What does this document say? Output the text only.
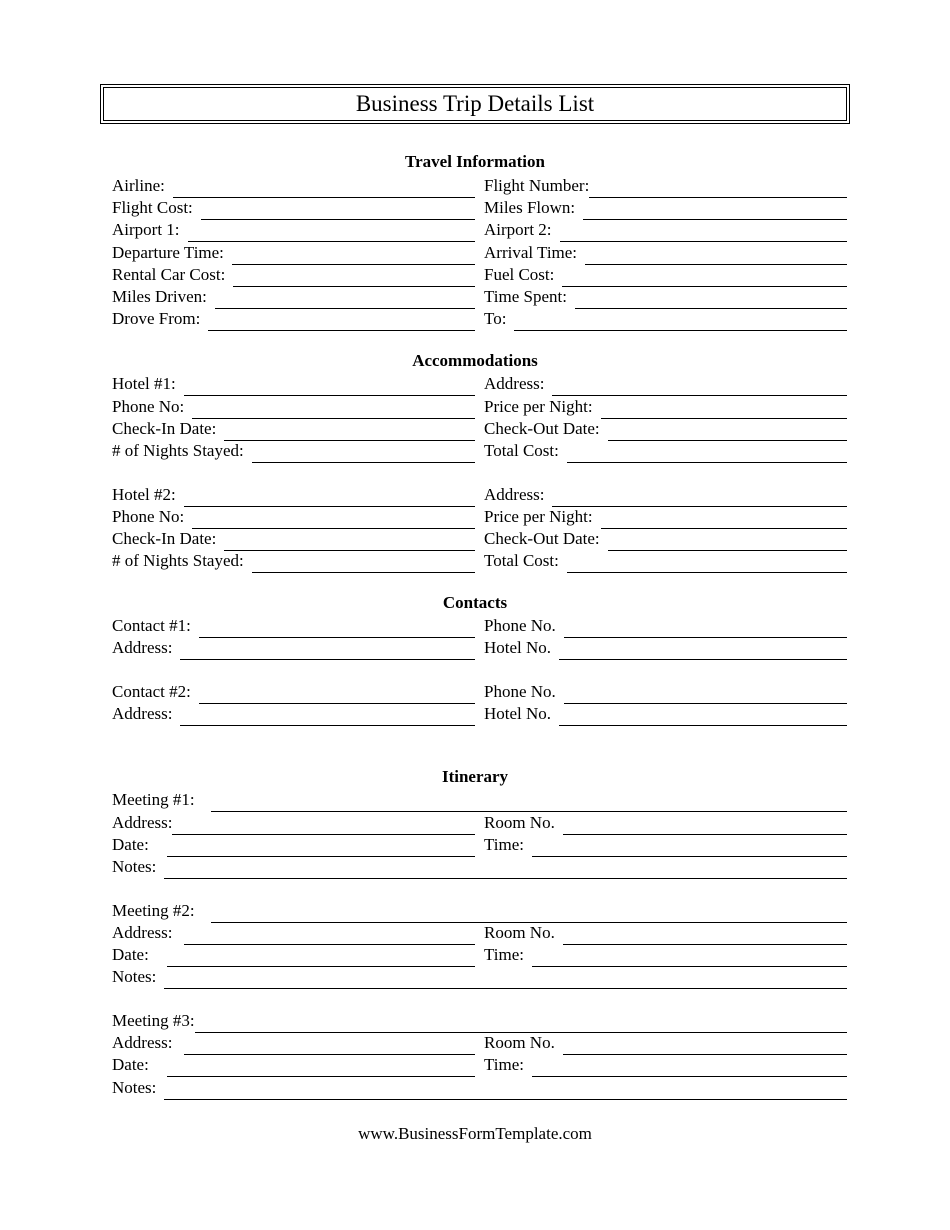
Business Trip Details List
Travel Information
Airline:	Flight Number:
Flight Cost:	Miles Flown:
Airport 1:	Airport 2:
Departure Time:	Arrival Time:
Rental Car Cost:	Fuel Cost:
Miles Driven:	Time Spent:
Drove From:	To:
Accommodations
Hotel #1:	Address:
Phone No:	Price per Night:
Check-In Date:	Check-Out Date:
# of Nights Stayed:	Total Cost:
Hotel #2:	Address:
Phone No:	Price per Night:
Check-In Date:	Check-Out Date:
# of Nights Stayed:	Total Cost:
Contacts
Contact #1:	Phone No.
Address:	Hotel No.
Contact #2:	Phone No.
Address:	Hotel No.
Itinerary
Meeting #1:
Address:	Room No.
Date:	Time:
Notes:
Meeting #2:
Address:	Room No.
Date:	Time:
Notes:
Meeting #3:
Address:	Room No.
Date:	Time:
Notes:
www.BusinessFormTemplate.com
